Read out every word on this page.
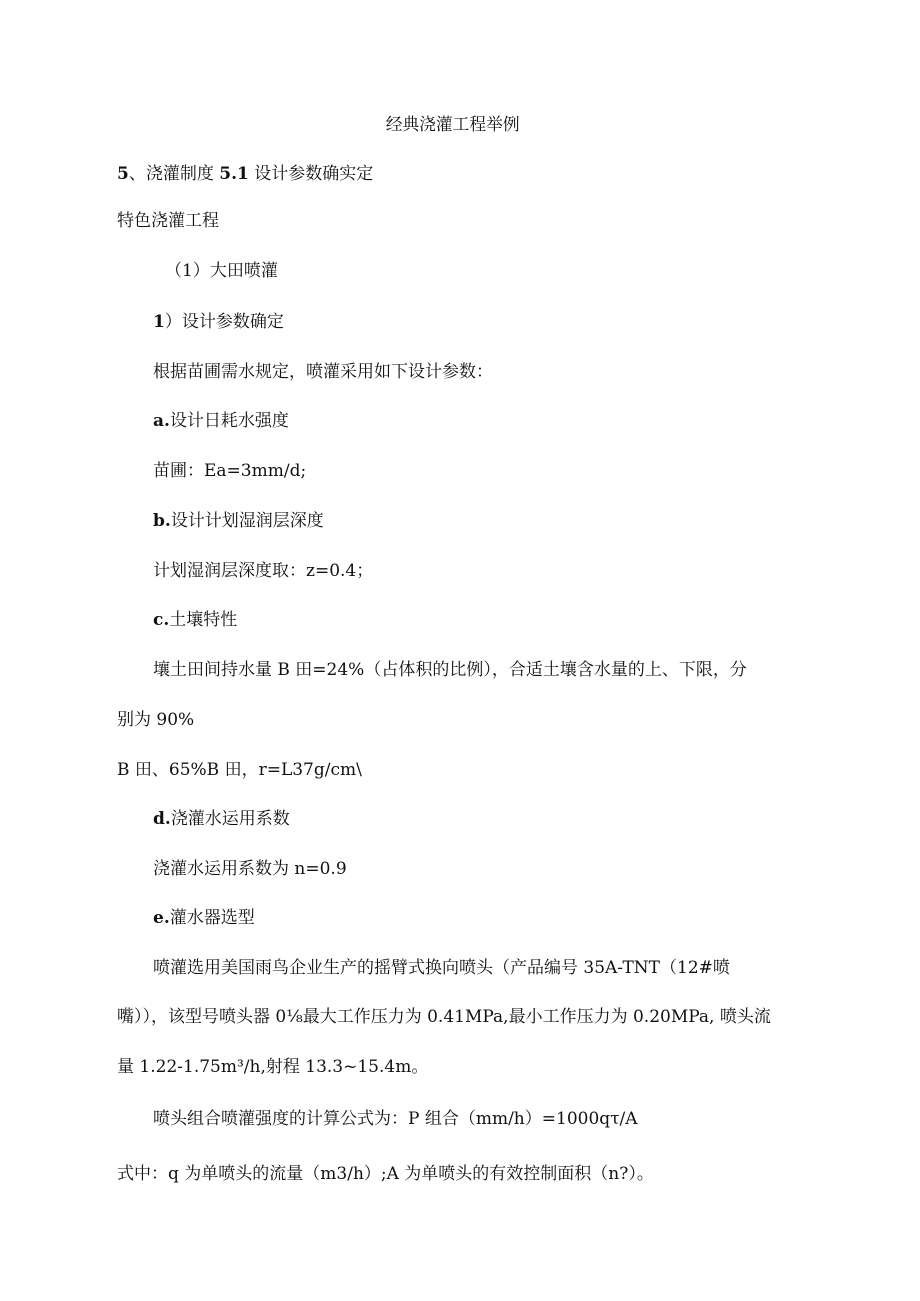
经典浇灌工程举例
5、浇灌制度 5.1 设计参数确实定
特色浇灌工程
（1）大田喷灌
1）设计参数确定
根据苗圃需水规定，喷灌采用如下设计参数：
a.设计日耗水强度
苗圃：Ea=3mm∕d;
b.设计计划湿润层深度
计划湿润层深度取：z=0.4；
c.土壤特性
壤土田间持水量 B 田=24%（占体积的比例），合适土壤含水量的上、下限，分
别为 90%
B 田、65%B 田，r=L37g∕cm\
d.浇灌水运用系数
浇灌水运用系数为 n=0.9
e.灌水器选型
喷灌选用美国雨鸟企业生产的摇臂式换向喷头（产品编号 35A-TNT（12#喷
嘴）），该型号喷头器 0⅛最大工作压力为 0.41MPa,最小工作压力为 0.20MPa, 喷头流
量 1.22-1.75m³∕h,射程 13.3~15.4m。
喷头组合喷灌强度的计算公式为：P 组合（mm/h）=1000qτ∕A
式中：q 为单喷头的流量（m3∕h）;A 为单喷头的有效控制面积（n?）。
